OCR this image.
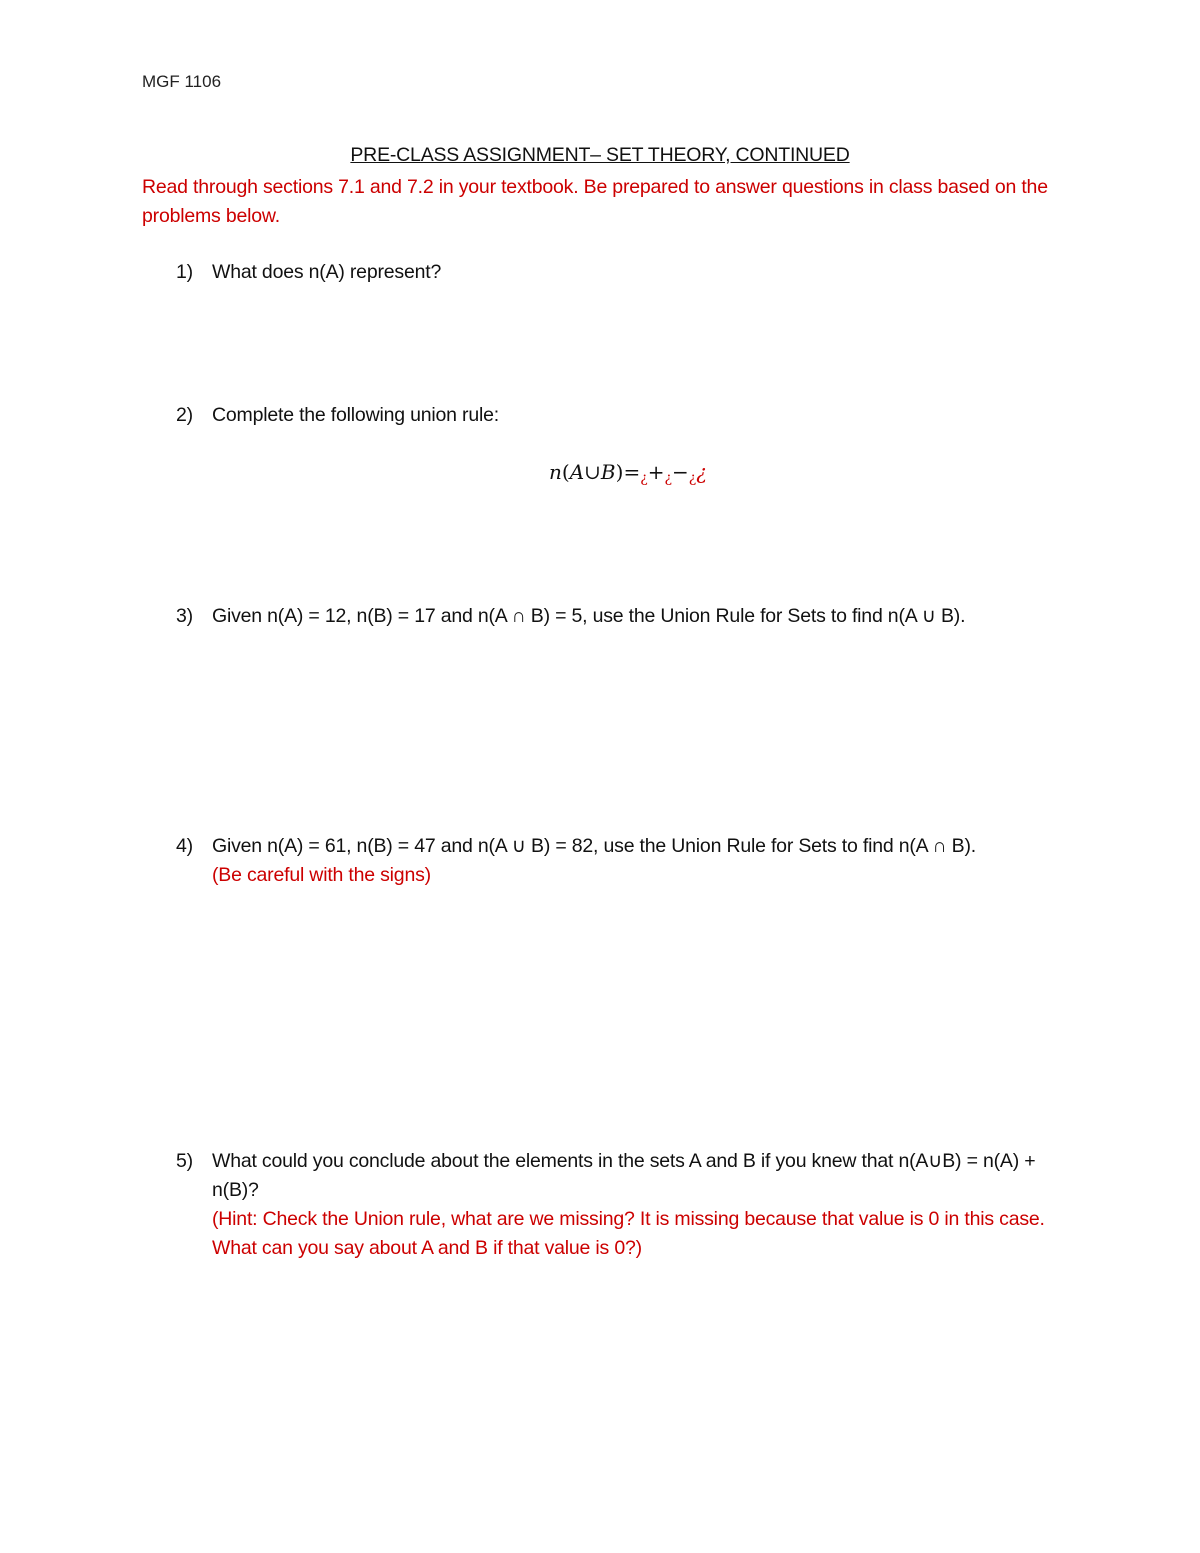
MGF 1106
PRE-CLASS ASSIGNMENT– SET THEORY, CONTINUED
Read through sections 7.1 and 7.2 in your textbook. Be prepared to answer questions in class based on the problems below.
1) What does n(A) represent?
2) Complete the following union rule:
n(A∪B)=¿+¿−¿¿
3) Given n(A) = 12, n(B) = 17 and n(A ∩ B) = 5, use the Union Rule for Sets to find n(A ∪ B).
4) Given n(A) = 61, n(B) = 47 and n(A ∪ B) = 82, use the Union Rule for Sets to find n(A ∩ B).
(Be careful with the signs)
5) What could you conclude about the elements in the sets A and B if you knew that n(A∪B) = n(A) + n(B)?
(Hint: Check the Union rule, what are we missing? It is missing because that value is 0 in this case. What can you say about A and B if that value is 0?)
